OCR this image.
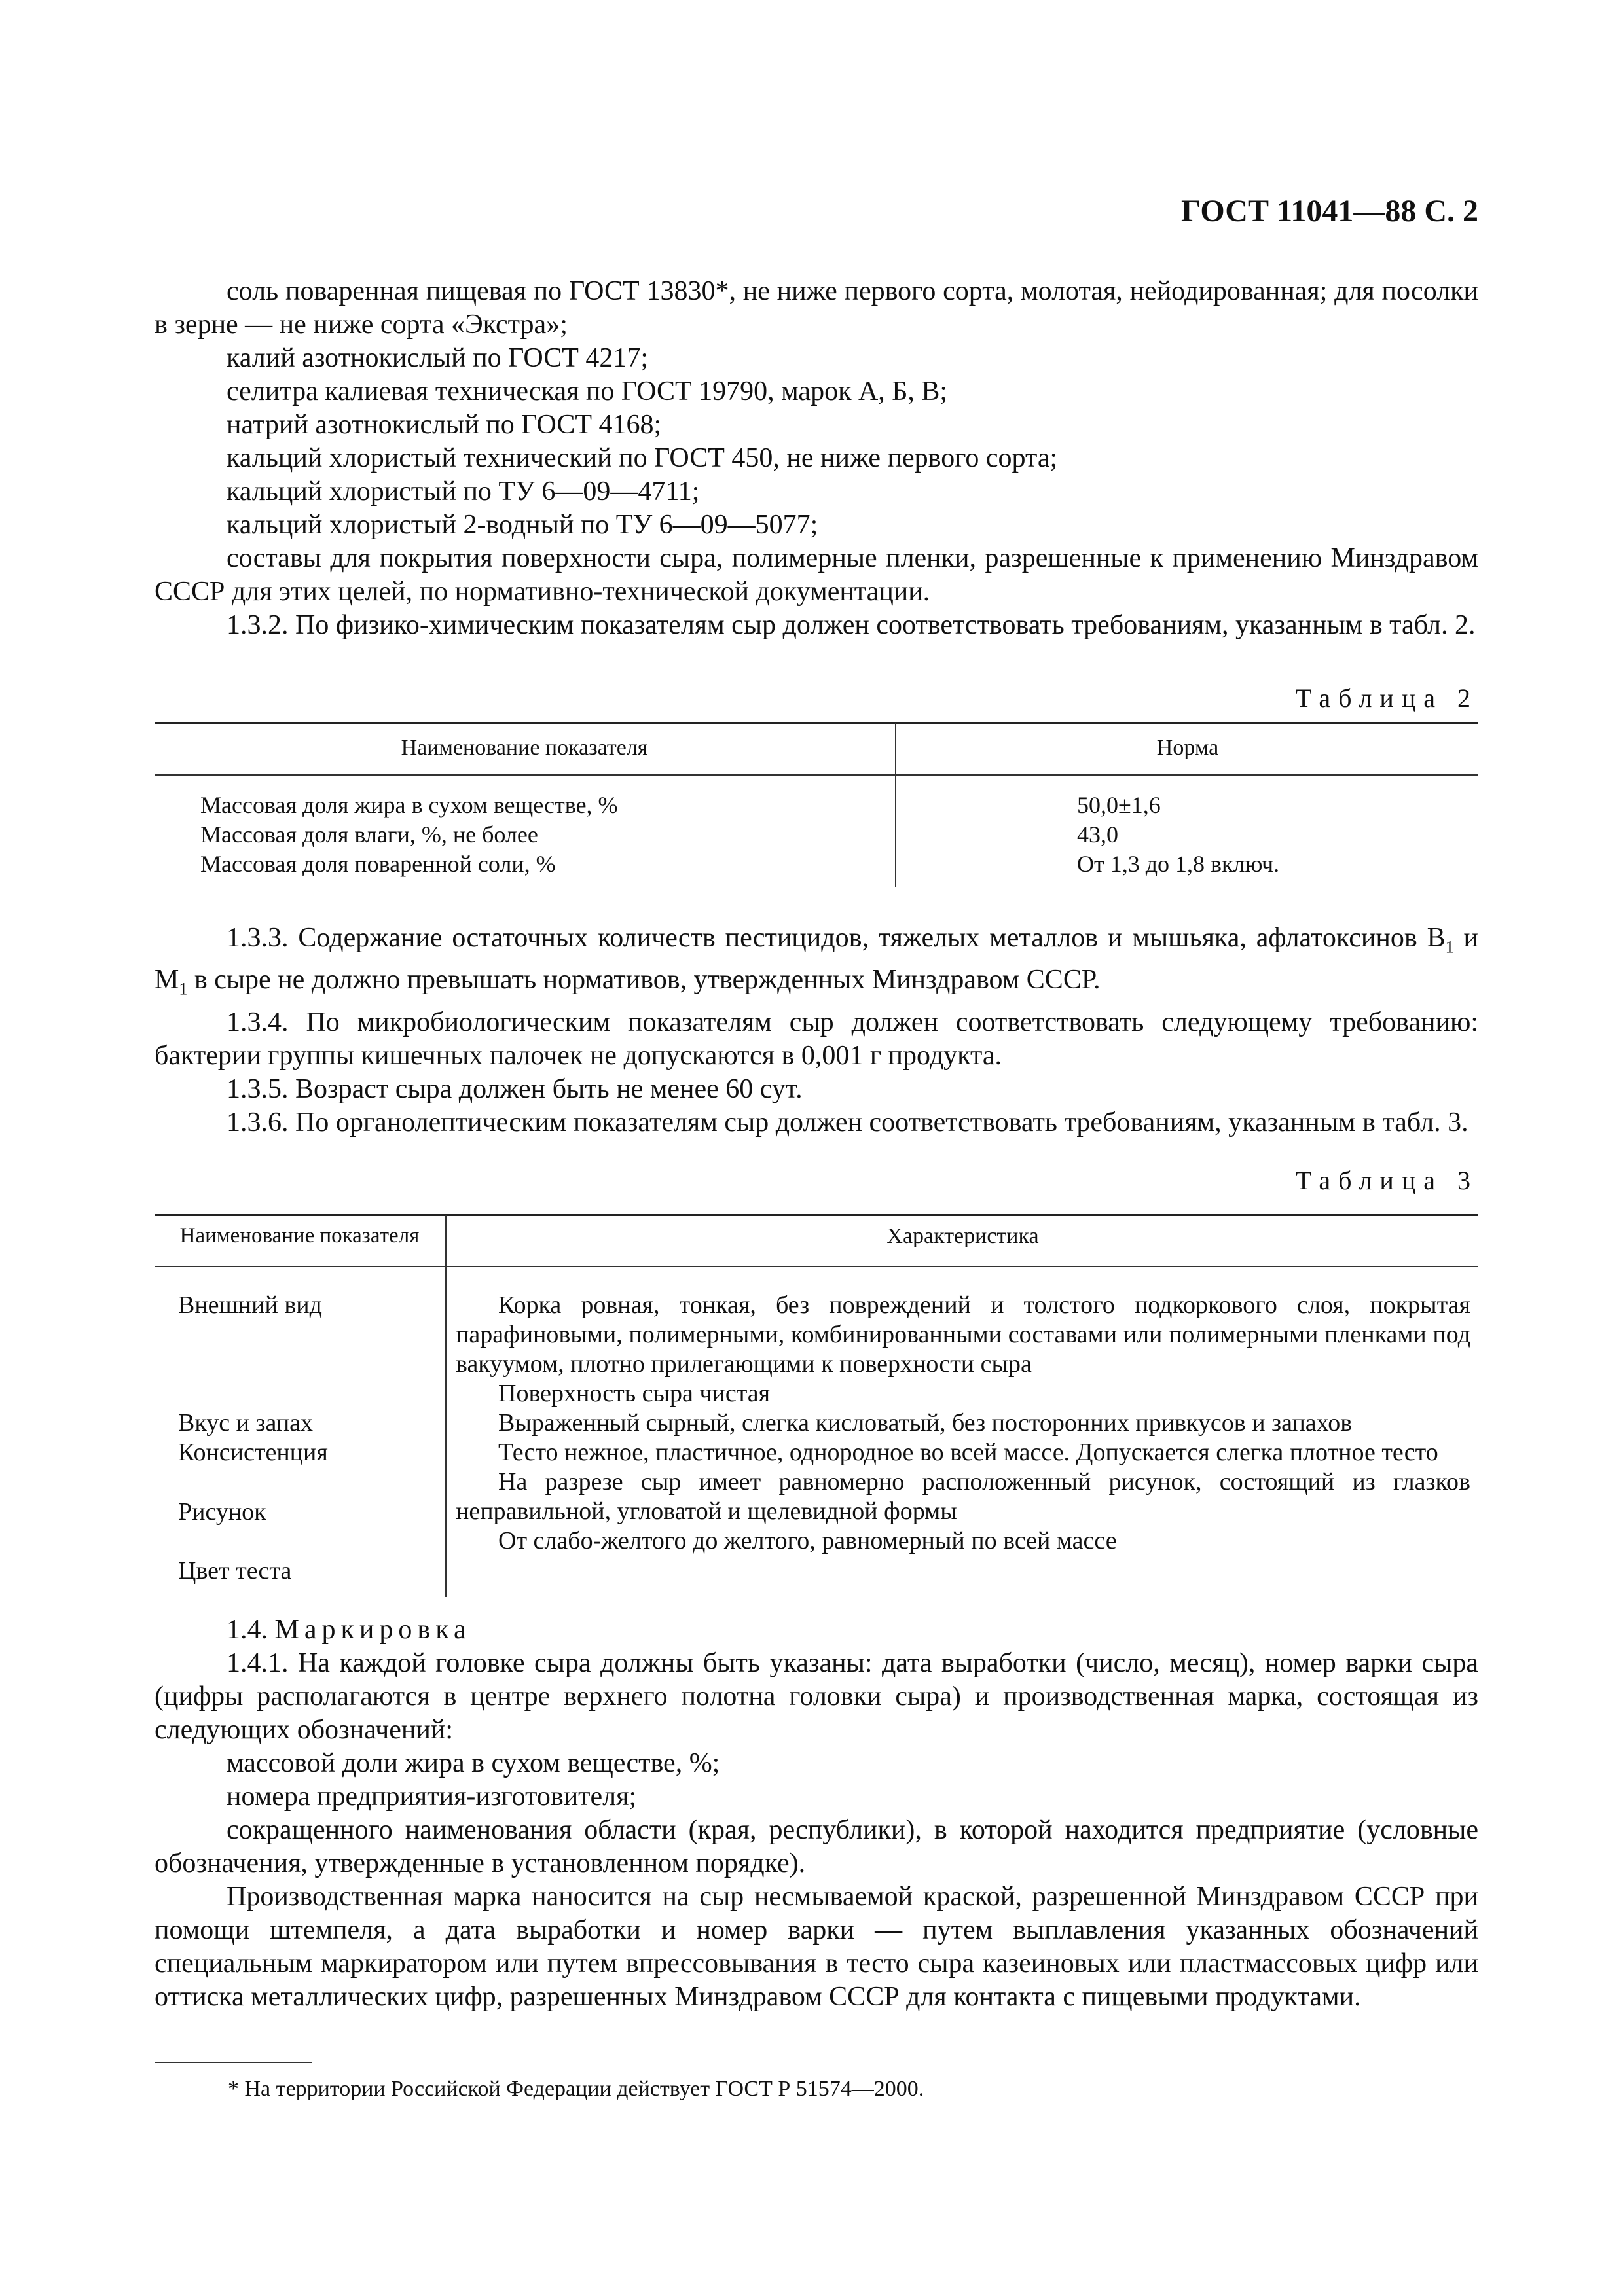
ГОСТ 11041—88 С. 2

соль поваренная пищевая по ГОСТ 13830*, не ниже первого сорта, молотая, нейодированная; для посолки в зерне — не ниже сорта «Экстра»;

калий азотнокислый по ГОСТ 4217;

селитра калиевая техническая по ГОСТ 19790, марок А, Б, В;

натрий азотнокислый по ГОСТ 4168;

кальций хлористый технический по ГОСТ 450, не ниже первого сорта;

кальций хлористый по ТУ 6—09—4711;

кальций хлористый 2-водный по ТУ 6—09—5077;

составы для покрытия поверхности сыра, полимерные пленки, разрешенные к применению Минздравом СССР для этих целей, по нормативно-технической документации.

1.3.2. По физико-химическим показателям сыр должен соответствовать требованиям, указанным в табл. 2.

Таблица 2
Наименование показателя	Норма
Массовая доля жира в сухом веществе, %
Массовая доля влаги, %, не более
Массовая доля поваренной соли, %
50,0±1,6
43,0
От 1,3 до 1,8 включ.

1.3.3. Содержание остаточных количеств пестицидов, тяжелых металлов и мышьяка, афлатоксинов $В_1$ и $М_1$ в сыре не должно превышать нормативов, утвержденных Минздравом СССР.

1.3.4. По микробиологическим показателям сыр должен соответствовать следующему требованию: бактерии группы кишечных палочек не допускаются в 0,001 г продукта.

1.3.5. Возраст сыра должен быть не менее 60 сут.

1.3.6. По органолептическим показателям сыр должен соответствовать требованиям, указанным в табл. 3.

Таблица 3
Наименование показателя	Характеристика
Внешний вид
Вкус и запах
Консистенция
Рисунок
Цвет теста

Корка ровная, тонкая, без повреждений и толстого подкоркового слоя, покрытая парафиновыми, полимерными, комбинированными составами или полимерными пленками под вакуумом, плотно прилегающими к поверхности сыра

Поверхность сыра чистая

Выраженный сырный, слегка кисловатый, без посторонних привкусов и запахов

Тесто нежное, пластичное, однородное во всей массе. Допускается слегка плотное тесто

На разрезе сыр имеет равномерно расположенный рисунок, состоящий из глазков неправильной, угловатой и щелевидной формы

От слабо-желтого до желтого, равномерный по всей массе

1.4. Маркировка

1.4.1. На каждой головке сыра должны быть указаны: дата выработки (число, месяц), номер варки сыра (цифры располагаются в центре верхнего полотна головки сыра) и производственная марка, состоящая из следующих обозначений:

массовой доли жира в сухом веществе, %;

номера предприятия-изготовителя;

сокращенного наименования области (края, республики), в которой находится предприятие (условные обозначения, утвержденные в установленном порядке).

Производственная марка наносится на сыр несмываемой краской, разрешенной Минздравом СССР при помощи штемпеля, а дата выработки и номер варки — путем выплавления указанных обозначений специальным маркиратором или путем впрессовывания в тесто сыра казеиновых или пластмассовых цифр или оттиска металлических цифр, разрешенных Минздравом СССР для контакта с пищевыми продуктами.

* На территории Российской Федерации действует ГОСТ Р 51574—2000.
